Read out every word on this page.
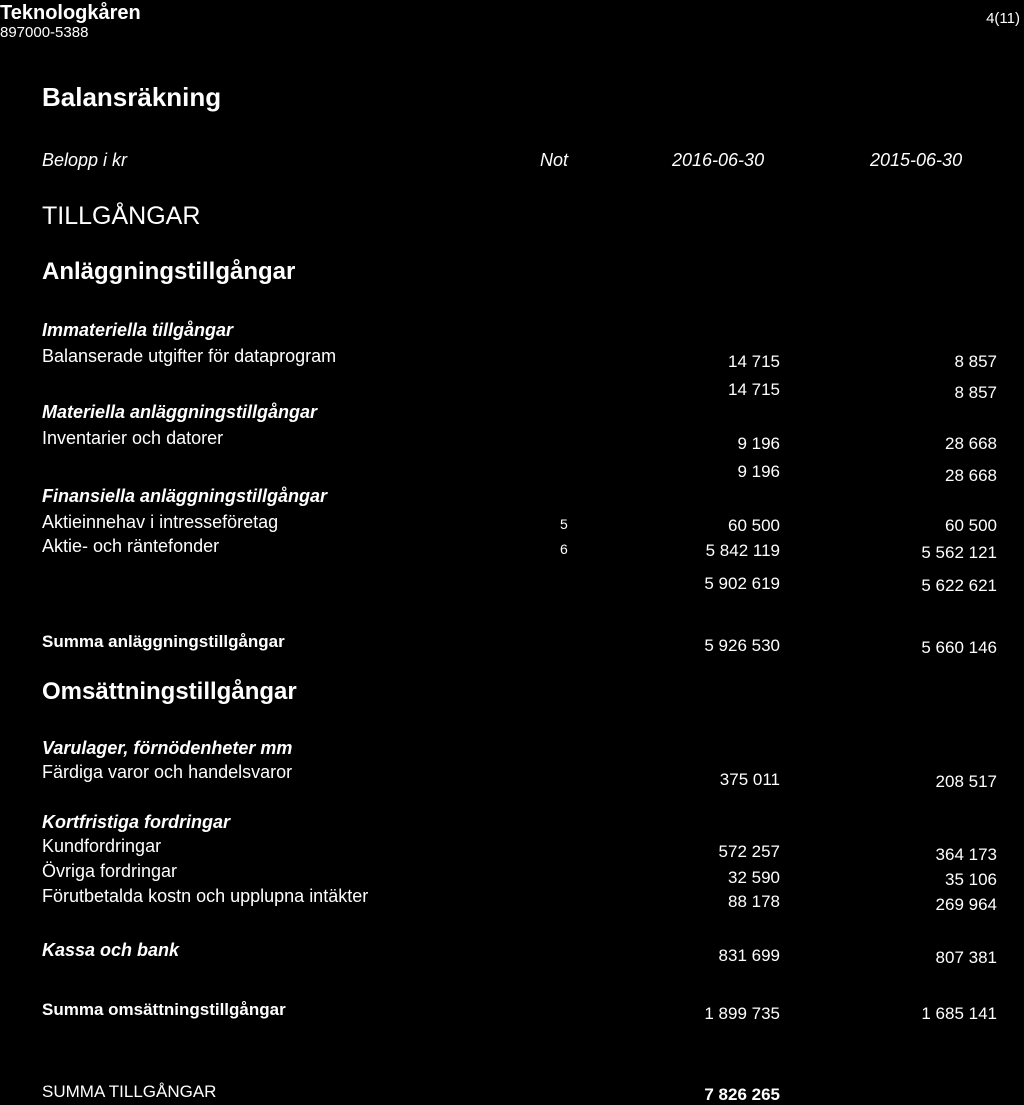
Teknologkåren
897000-5388
4(11)
Balansräkning
Belopp i kr	Not	2016-06-30	2015-06-30
TILLGÅNGAR
Anläggningstillgångar
Immateriella tillgångar
Balanserade utgifter för dataprogram	14 715	8 857
14 715	8 857
Materiella anläggningstillgångar
Inventarier och datorer	9 196	28 668
9 196	28 668
Finansiella anläggningstillgångar
Aktieinnehav i intresseföretag	5	60 500	60 500
Aktie- och räntefonder	6	5 842 119	5 562 121
5 902 619	5 622 621
Summa anläggningstillgångar	5 926 530	5 660 146
Omsättningstillgångar
Varulager, förnödenheter mm
Färdiga varor och handelsvaror	375 011	208 517
Kortfristiga fordringar
Kundfordringar	572 257	364 173
Övriga fordringar	32 590	35 106
Förutbetalda kostn och upplupna intäkter	88 178	269 964
Kassa och bank	831 699	807 381
Summa omsättningstillgångar	1 899 735	1 685 141
SUMMA TILLGÅNGAR	7 826 265
